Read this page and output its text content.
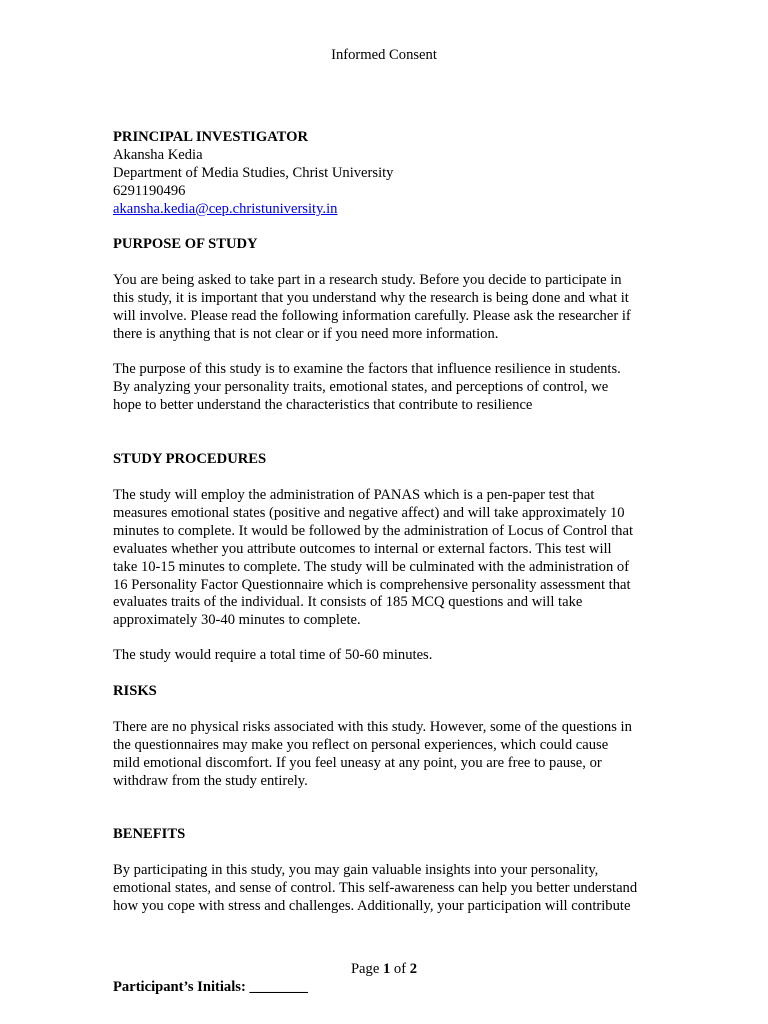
Informed Consent
PRINCIPAL INVESTIGATOR
Akansha Kedia
Department of Media Studies, Christ University
6291190496
akansha.kedia@cep.christuniversity.in
PURPOSE OF STUDY
You are being asked to take part in a research study. Before you decide to participate in
this study, it is important that you understand why the research is being done and what it
will involve. Please read the following information carefully. Please ask the researcher if
there is anything that is not clear or if you need more information.
The purpose of this study is to examine the factors that influence resilience in students.
By analyzing your personality traits, emotional states, and perceptions of control, we
hope to better understand the characteristics that contribute to resilience
STUDY PROCEDURES
The study will employ the administration of PANAS which is a pen-paper test that
measures emotional states (positive and negative affect) and will take approximately 10
minutes to complete. It would be followed by the administration of Locus of Control that
evaluates whether you attribute outcomes to internal or external factors. This test will
take 10-15 minutes to complete. The study will be culminated with the administration of
16 Personality Factor Questionnaire which is comprehensive personality assessment that
evaluates traits of the individual. It consists of 185 MCQ questions and will take
approximately 30-40 minutes to complete.
The study would require a total time of 50-60 minutes.
RISKS
There are no physical risks associated with this study. However, some of the questions in
the questionnaires may make you reflect on personal experiences, which could cause
mild emotional discomfort. If you feel uneasy at any point, you are free to pause, or
withdraw from the study entirely.
BENEFITS
By participating in this study, you may gain valuable insights into your personality,
emotional states, and sense of control. This self-awareness can help you better understand
how you cope with stress and challenges. Additionally, your participation will contribute
Page 1 of 2
Participant’s Initials: ________
